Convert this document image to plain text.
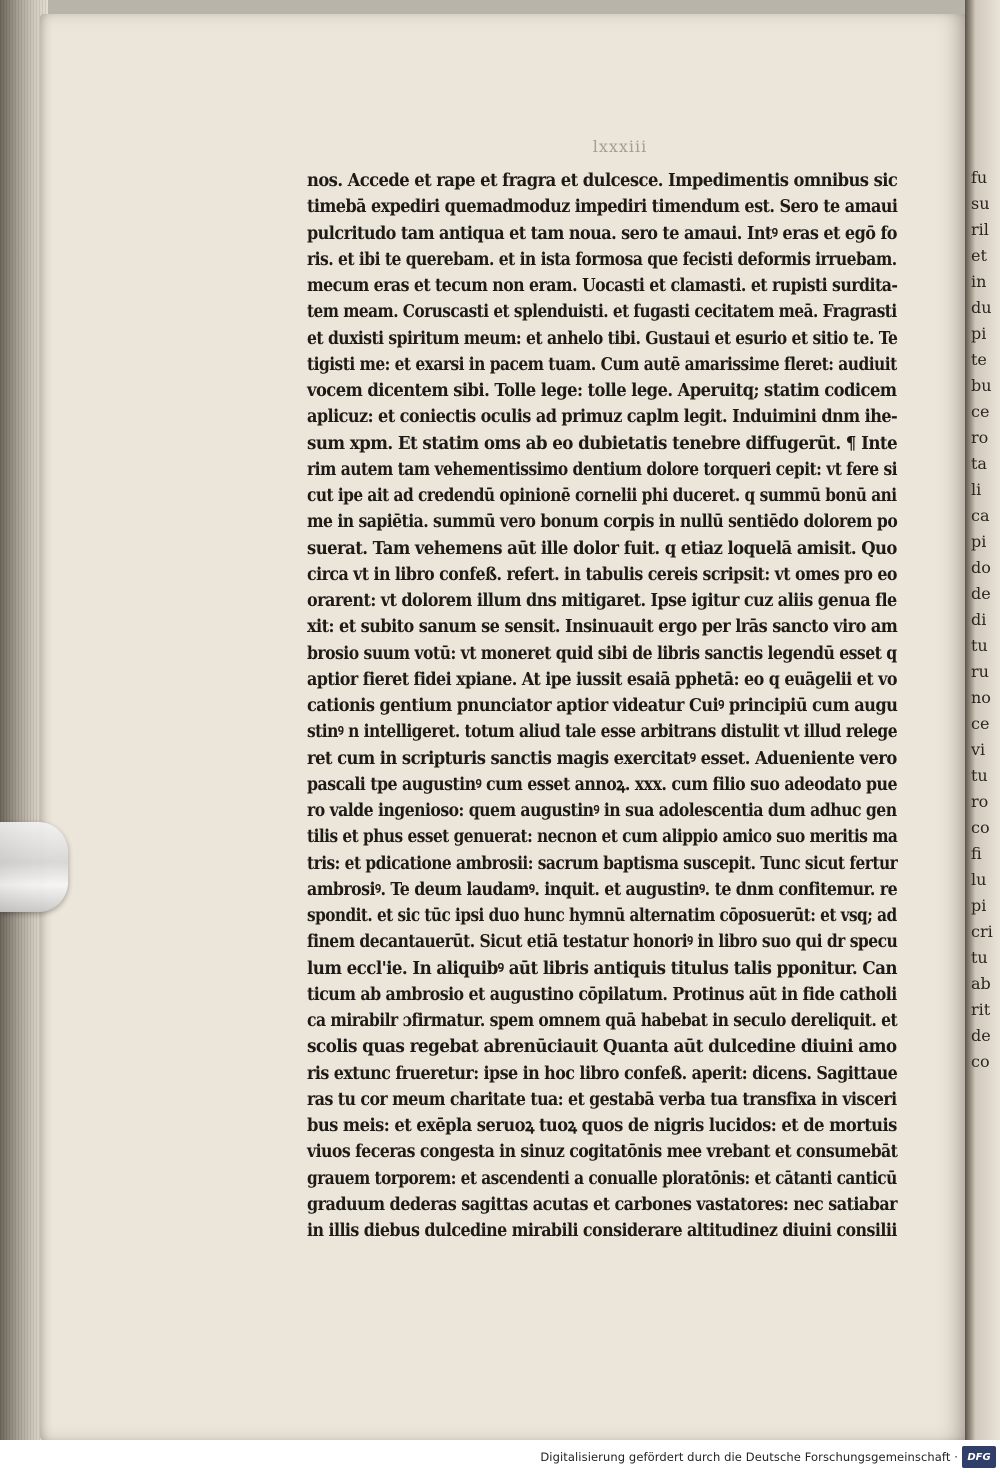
fu
su
ril
et
in
du
pi
te
bu
ce
ro
ta
li
ca
pi
do
de
di
tu
ru
no
ce
vi
tu
ro
co
fi
lu
pi
cri
tu
ab
rit
de
co
lxxxiii
nos. Accede et rape et fragra et dulcesce. Impedimentis omnibus sic
timebā expediri quemadmoduz impediri timendum est. Sero te amaui
pulcritudo tam antiqua et tam noua. sero te amaui. Intꝰ eras et egō fo
ris. et ibi te querebam. et in ista formosa que fecisti deformis irruebam.
mecum eras et tecum non eram. Uocasti et clamasti. et rupisti surdita-
tem meam. Coruscasti et splenduisti. et fugasti cecitatem meā. Fragrasti
et duxisti spiritum meum: et anhelo tibi. Gustaui et esurio et sitio te. Te
tigisti me: et exarsi in pacem tuam. Cum autē amarissime fleret: audiuit
vocem dicentem sibi. Tolle lege: tolle lege. Aperuitq; statim codicem
aplicuz: et coniectis oculis ad primuz caplm legit. Induimini dnm ihe-
sum xpm. Et statim oms ab eo dubietatis tenebre diffugerūt. ¶ Inte
rim autem tam vehementissimo dentium dolore torqueri cepit: vt fere si
cut ipe ait ad credendū opinionē cornelii phi duceret. q summū bonū ani
me in sapiētia. summū vero bonum corpis in nullū sentiēdo dolorem po
suerat. Tam vehemens aūt ille dolor fuit. q etiaz loquelā amisit. Quo
circa vt in libro confeß. refert. in tabulis cereis scripsit: vt omes pro eo
orarent: vt dolorem illum dns mitigaret. Ipse igitur cuz aliis genua fle
xit: et subito sanum se sensit. Insinuauit ergo per lrās sancto viro am
brosio suum votū: vt moneret quid sibi de libris sanctis legendū esset q
aptior fieret fidei xpiane. At ipe iussit esaiā pphetā: eo q euāgelii et vo
cationis gentium pnunciator aptior videatur Cuiꝰ principiū cum augu
stinꝰ n intelligeret. totum aliud tale esse arbitrans distulit vt illud relege
ret cum in scripturis sanctis magis exercitatꝰ esset. Adueniente vero
pascali tpe augustinꝰ cum esset annoꝝ. xxx. cum filio suo adeodato pue
ro valde ingenioso: quem augustinꝰ in sua adolescentia dum adhuc gen
tilis et phus esset genuerat: necnon et cum alippio amico suo meritis ma
tris: et pdicatione ambrosii: sacrum baptisma suscepit. Tunc sicut fertur
ambrosiꝰ. Te deum laudamꝰ. inquit. et augustinꝰ. te dnm confitemur. re
spondit. et sic tūc ipsi duo hunc hymnū alternatim cōposuerūt: et vsq; ad
finem decantauerūt. Sicut etiā testatur honoriꝰ in libro suo qui dr specu
lum eccl'ie. In aliquibꝰ aūt libris antiquis titulus talis pponitur. Can
ticum ab ambrosio et augustino cōpilatum. Protinus aūt in fide catholi
ca mirabilr ɔfirmatur. spem omnem quā habebat in seculo dereliquit. et
scolis quas regebat abrenūciauit Quanta aūt dulcedine diuini amo
ris extunc frueretur: ipse in hoc libro confeß. aperit: dicens. Sagittaue
ras tu cor meum charitate tua: et gestabā verba tua transfixa in visceri
bus meis: et exēpla seruoꝝ tuoꝝ quos de nigris lucidos: et de mortuis
viuos feceras congesta in sinuz cogitatōnis mee vrebant et consumebāt
grauem torporem: et ascendenti a conualle ploratōnis: et cātanti canticū
graduum dederas sagittas acutas et carbones vastatores: nec satiabar
in illis diebus dulcedine mirabili considerare altitudinez diuini consilii
Digitalisierung gefördert durch die Deutsche Forschungsgemeinschaft · DFG
